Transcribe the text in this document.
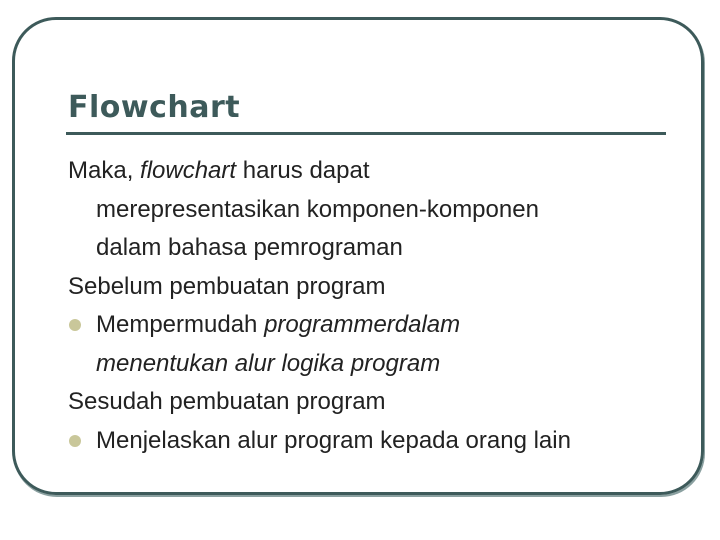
Flowchart
Maka, flowchart harus dapat
merepresentasikan komponen-komponen
dalam bahasa pemrograman
Sebelum pembuatan program
Mempermudah programmerdalam
menentukan alur logika program
Sesudah pembuatan program
Menjelaskan alur program kepada orang lain
